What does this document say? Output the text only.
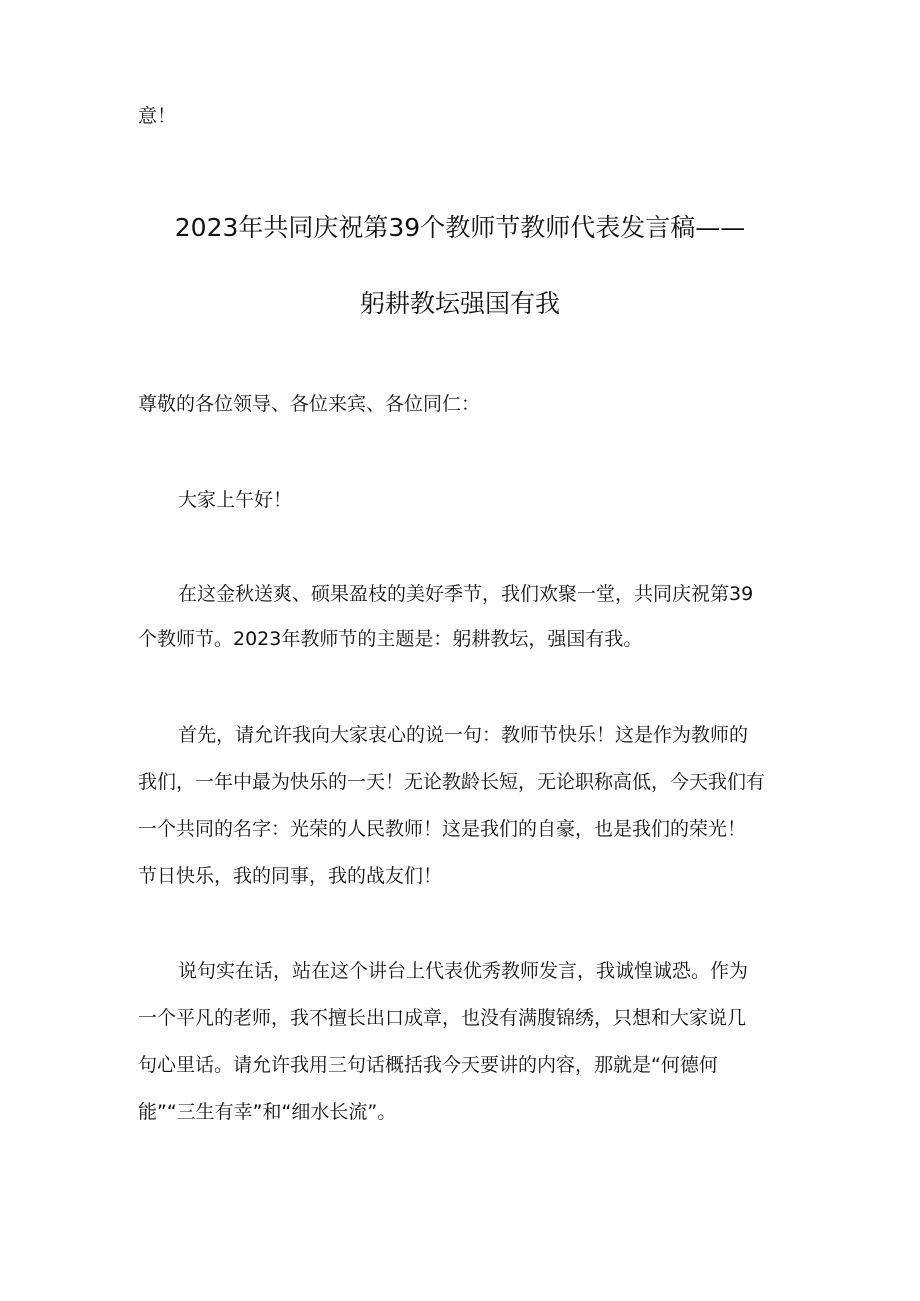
意！
2023年共同庆祝第39个教师节教师代表发言稿——
躬耕教坛强国有我
尊敬的各位领导、各位来宾、各位同仁：
大家上午好！
在这金秋送爽、硕果盈枝的美好季节，我们欢聚一堂，共同庆祝第39
个教师节。2023年教师节的主题是：躬耕教坛，强国有我。
首先，请允许我向大家衷心的说一句：教师节快乐！这是作为教师的
我们，一年中最为快乐的一天！无论教龄长短，无论职称高低，今天我们有
一个共同的名字：光荣的人民教师！这是我们的自豪，也是我们的荣光！
节日快乐，我的同事，我的战友们！
说句实在话，站在这个讲台上代表优秀教师发言，我诚惶诚恐。作为
一个平凡的老师，我不擅长出口成章，也没有满腹锦绣，只想和大家说几
句心里话。请允许我用三句话概括我今天要讲的内容，那就是“何德何
能”“三生有幸”和“细水长流”。
